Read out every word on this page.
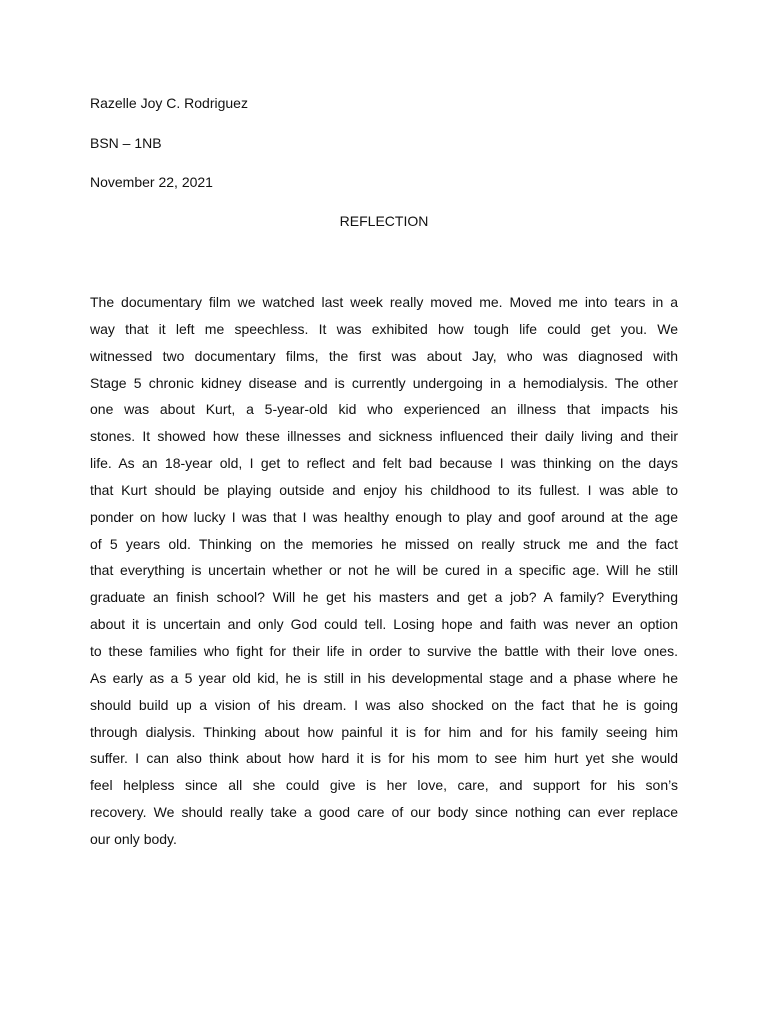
Razelle Joy C. Rodriguez

BSN – 1NB

November 22, 2021

REFLECTION

The documentary film we watched last week really moved me. Moved me into tears in a
way that it left me speechless. It was exhibited how tough life could get you. We
witnessed two documentary films, the first was about Jay, who was diagnosed with
Stage 5 chronic kidney disease and is currently undergoing in a hemodialysis. The other
one was about Kurt, a 5-year-old kid who experienced an illness that impacts his
stones. It showed how these illnesses and sickness influenced their daily living and their
life. As an 18-year old, I get to reflect and felt bad because I was thinking on the days
that Kurt should be playing outside and enjoy his childhood to its fullest. I was able to
ponder on how lucky I was that I was healthy enough to play and goof around at the age
of 5 years old. Thinking on the memories he missed on really struck me and the fact
that everything is uncertain whether or not he will be cured in a specific age. Will he still
graduate an finish school? Will he get his masters and get a job? A family? Everything
about it is uncertain and only God could tell. Losing hope and faith was never an option
to these families who fight for their life in order to survive the battle with their love ones.
As early as a 5 year old kid, he is still in his developmental stage and a phase where he
should build up a vision of his dream. I was also shocked on the fact that he is going
through dialysis. Thinking about how painful it is for him and for his family seeing him
suffer. I can also think about how hard it is for his mom to see him hurt yet she would
feel helpless since all she could give is her love, care, and support for his son’s
recovery. We should really take a good care of our body since nothing can ever replace
our only body.
